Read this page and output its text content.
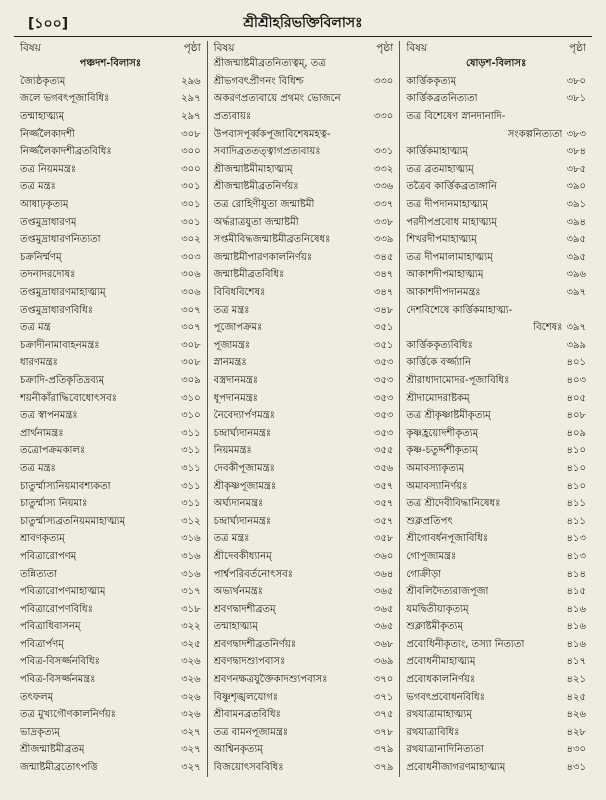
[১০০]	শ্রীশ্রীহরিভক্তিবিলাসঃ
বিষয়	পৃষ্ঠা
পঞ্চদশ-বিলাসঃ
জ্যৈষ্ঠকৃত্যম্	২৯৬
জলে ভগবৎপূজাবিধিঃ	২৯৭
তন্মাহাত্ম্যম্	২৯৭
নির্জ্জলৈকাদশী	৩০৮
নির্জ্জলৈকাদশীব্রতবিধিঃ	৩০০
তত্র নিয়মমন্ত্রঃ	৩০০
তত্র মন্ত্রঃ	৩০১
আষাঢ়কৃত্যম্	৩০১
তপ্তমুদ্রাধারণম্	৩০১
তপ্তমুদ্রাধারণনিত্যতা	৩০২
চক্রনির্ম্মণম্	৩০৩
তদনাদরদোষঃ	৩০৬
তপ্তমুদ্রাধারণমাহাত্ম্যম্	৩০৬
তপ্তমুদ্রাধারণবিধিঃ	৩০৭
তত্র মন্ত্র	৩০৭
চক্রাদীনামাবাহনমন্ত্রঃ	৩০৮
ধারণমন্ত্রঃ	৩০৮
চক্রাদি-প্রতিকৃতিদ্রব্যম্	৩০৯
শয়নীকাঁরাদ্ধিবোধোৎসবঃ	৩১০
তত্র স্বাপনমন্ত্রঃ	৩১০
প্রার্থনামন্ত্রঃ	৩১১
তত্রোপক্রমকালঃ	৩১১
তত্র মন্ত্রঃ	৩১১
চাতুর্ম্মাস্যনিয়মাবশ্যকতা	৩১১
চাতুর্ম্মাস্য নিয়মাঃ	৩১১
চাতুর্ম্মাস্যব্রতনিয়মমাহাত্ম্যম্	৩১২
শ্রাবণকৃত্যম্	৩১৬
পবিত্রারোপণম্	৩১৬
তন্নিত্যতা	৩১৬
পবিত্রারোপণমাহাত্ম্যম্	৩১৭
পবিত্রারোপণবিধিঃ	৩১৮
পবিত্রাধিবাসনম্	৩২২
পবিত্রার্পণম্	৩২৫
পবিত্র-বিসর্জ্জনবিধিঃ	৩২৬
পবিত্র-বিসর্জ্জনমন্ত্রঃ	৩২৬
তৎফলম্	৩২৬
তত্র মুখ্যগৌণকালনির্ণয়ঃ	৩২৬
ভাদ্রকৃত্যম্	৩২৭
শ্রীজন্মাষ্টমীব্রতম্	৩২৭
জন্মাষ্টমীব্রতোৎপত্তি	৩২৭
বিষয়	পৃষ্ঠা
শ্রীজন্মাষ্টমীব্রতনিত্যত্বম্, তত্র
শ্রীভগবৎপ্রীণনং বিধিশ্চ	৩৩০
অকরণপ্রত্যবায়ে প্রথমং ভোজনে
প্রত্যবায়ঃ	৩৩০
উপবাসপূর্ব্বকপূজাবিশেষমহত্ব-
সবাদিব্রততত্ত্বাগপ্রত্যবায়ঃ	৩৩১
শ্রীজন্মাষ্টমীমাহাত্ম্যম্	৩৩২
শ্রীজন্মাষ্টমীব্রতনির্ণয়ঃ	৩৩৬
তত্র রোহিণীযুতা জন্মাষ্টমী	৩৩৭
অর্দ্ধরাত্রযুতা জন্মাষ্টমী	৩৩৮
সপ্তমীবিদ্ধজন্মাষ্টমীব্রতনিষেধঃ	৩৩৯
জন্মাষ্টমীপারণকালনির্ণয়ঃ	৩৪৫
জন্মাষ্টমীব্রতবিধিঃ	৩৪৭
বিবিধবিশেষঃ	৩৪৭
তত্র মন্ত্রঃ	৩৪৮
পূজোপক্রমঃ	৩৫১
পূজামন্ত্রঃ	৩৫১
স্নানমন্ত্রঃ	৩৫৩
বস্ত্রদানমন্ত্রঃ	৩৫৩
ধূপদানমন্ত্রঃ	৩৫৩
নৈবেদ্যার্পণমন্ত্রঃ	৩৫৩
চন্দ্রার্ঘ্যদানমন্ত্রঃ	৩৫৩
নিয়মমন্ত্রঃ	৩৫৫
দেবকীপূজামন্ত্রঃ	৩৫৬
শ্রীকৃষ্ণপূজামন্ত্রঃ	৩৫৭
অর্ঘ্যদানমন্ত্রঃ	৩৫৭
চন্দ্রার্ঘ্যদানমন্ত্রঃ	৩৫৭
তত্র মন্ত্রঃ	৩৫৮
শ্রীদেবকীধ্যানম্	৩৬০
পার্শ্বপরিবর্তনোৎসবঃ	৩৬৪
অভ্যর্থনমন্ত্রঃ	৩৬৫
শ্রবণদ্বাদশীব্রতম্	৩৬৫
তন্মাহাত্ম্যম্	৩৬৫
শ্রবণদ্বাদশীব্রতনির্ণয়ঃ	৩৬৮
শ্রবণদ্বাদশ্যুপবাসঃ	৩৬৯
শ্রবণনক্ষত্রযুক্তৈকাদশ্যুপবাসঃ	৩৭০
বিষ্ণুশৃঙ্খলযোগঃ	৩৭১
শ্রীবামনব্রতবিধিঃ	৩৭৫
তত্র বামনপূজামন্ত্রঃ	৩৭৮
আশ্বিনকৃত্যম্	৩৭৯
বিজয়োৎসববিধিঃ	৩৭৯
বিষয়	পৃষ্ঠা
ষোড়শ-বিলাসঃ
কার্ত্তিককৃত্যম্	৩৮০
কার্ত্তিকব্রতনিত্যতা	৩৮১
তত্র বিশেষেণ স্নানদানাদি-
সংকল্পনিত্যতা ৩৮৩
কার্ত্তিকমাহাত্ম্যম্	৩৮৪
তত্র ব্রতমাহাত্ম্যম্	৩৮৫
তত্রৈব কার্ত্তিকব্রতাঙ্গানি	৩৯০
তত্র দীপদানমাহাত্ম্যম্	৩৯১
পরদীপপ্রবোধ মাহাত্ম্যম্	৩৯৪
শিখরদীপমাহাত্ম্যম্	৩৯৫
তত্র দীপমালামাহাত্ম্যম্	৩৯৫
আকাশদীপমাহাত্ম্যম্	৩৯৬
আকাশদীপদানমন্ত্রঃ	৩৯৭
দেশবিশেষে কার্ত্তিকমাহাত্ম্য-
বিশেষঃ ৩৯৭
কার্ত্তিককৃত্যবিধিঃ	৩৯৯
কার্ত্তিকে বর্জ্জ্যানি	৪০১
শ্রীরাধাদামোদর-পূজাবিধিঃ	৪০৩
শ্রীদামোদরাষ্টকম্	৪০৫
তত্র শ্রীকৃষ্ণাষ্টমীকৃত্যম্	৪০৮
কৃষ্ণহ্রয়োদশীকৃত্যম্	৪০৯
কৃষ্ণ-চতুর্দ্দশীকৃত্যম্	৪১০
অমাবস্যাকৃত্যম্	৪১০
অমাবস্যানির্ণয়ঃ	৪১০
তত্র শ্রীদেবীবিদ্ধানিষেধঃ	৪১১
শুক্লপ্রতিপৎ	৪১১
শ্রীগোবর্ধনপূজাবিধিঃ	৪১৩
গোপূজামন্ত্রঃ	৪১৩
গোক্রীড়া	৪১৪
শ্রীবলিদৈত্যরাজপূজা	৪১৫
যমদ্বিতীয়াকৃত্যম্	৪১৬
শুক্লাষ্টমীকৃত্যম্	৪১৬
প্রবোধিনীকৃত্যং, তস্যা নিত্যতা	৪১৬
প্রবোধনীমাহাত্ম্যম্	৪১৭
প্রবোধকালনির্ণয়ঃ	৪২১
ভগবৎপ্রবোধনবিধিঃ	৪২৫
রথযাত্রামাহাত্ম্যম্	৪২৬
রথযাত্রাবিধিঃ	৪২৮
রথযাত্রানাদিনিত্যতা	৪৩০
প্রবোধনীজাগরণমাহাত্ম্যম্	৪৩১
